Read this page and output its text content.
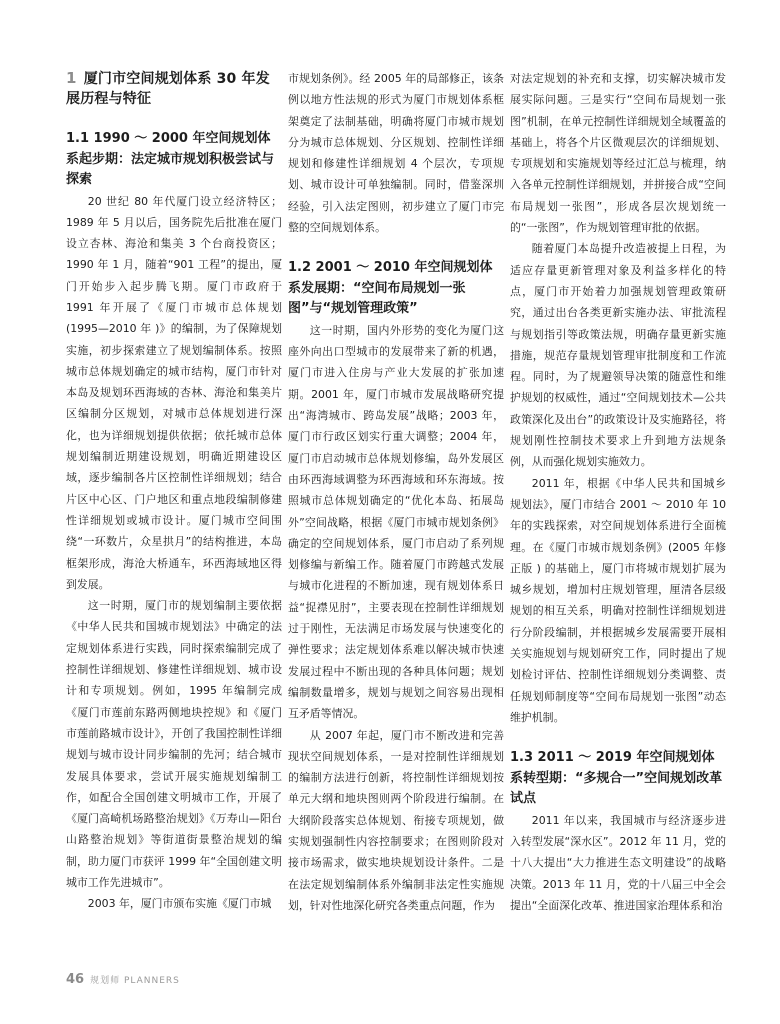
1 厦门市空间规划体系 30 年发展历程与特征
1.1 1990 ～ 2000 年空间规划体系起步期：法定城市规划积极尝试与探索

20 世纪 80 年代厦门设立经济特区；1989 年 5 月以后，国务院先后批准在厦门设立杏林、海沧和集美 3 个台商投资区；1990 年 1 月，随着“901 工程”的提出，厦门开始步入起步腾飞期。厦门市政府于 1991 年开展了《厦门市城市总体规划 (1995—2010 年 )》的编制，为了保障规划实施，初步探索建立了规划编制体系。按照城市总体规划确定的城市结构，厦门市针对本岛及规划环西海域的杏林、海沧和集美片区编制分区规划，对城市总体规划进行深化，也为详细规划提供依据；依托城市总体规划编制近期建设规划，明确近期建设区域，逐步编制各片区控制性详细规划；结合片区中心区、门户地区和重点地段编制修建性详细规划或城市设计。厦门城市空间围绕“一环数片，众星拱月”的结构推进，本岛框架形成，海沧大桥通车，环西海域地区得到发展。

这一时期，厦门市的规划编制主要依据《中华人民共和国城市规划法》中确定的法定规划体系进行实践，同时探索编制完成了控制性详细规划、修建性详细规划、城市设计和专项规划。例如，1995 年编制完成《厦门市莲前东路两侧地块控规》和《厦门市莲前路城市设计》，开创了我国控制性详细规划与城市设计同步编制的先河；结合城市发展具体要求，尝试开展实施规划编制工作，如配合全国创建文明城市工作，开展了《厦门高崎机场路整治规划》《万寿山—阳台山路整治规划》等街道街景整治规划的编制，助力厦门市获评 1999 年“全国创建文明城市工作先进城市”。

2003 年，厦门市颁布实施《厦门市城

市规划条例》。经 2005 年的局部修正，该条例以地方性法规的形式为厦门市规划体系框架奠定了法制基础，明确将厦门市城市规划分为城市总体规划、分区规划、控制性详细规划和修建性详细规划 4 个层次，专项规划、城市设计可单独编制。同时，借鉴深圳经验，引入法定图则，初步建立了厦门市完整的空间规划体系。

1.2 2001 ～ 2010 年空间规划体系发展期：“空间布局规划一张图”与“规划管理政策”

这一时期，国内外形势的变化为厦门这座外向出口型城市的发展带来了新的机遇，厦门市进入住房与产业大发展的扩张加速期。2001 年，厦门市城市发展战略研究提出“海湾城市、跨岛发展”战略；2003 年，厦门市行政区划实行重大调整；2004 年，厦门市启动城市总体规划修编，岛外发展区由环西海域调整为环西海域和环东海域。按照城市总体规划确定的“优化本岛、拓展岛外”空间战略，根据《厦门市城市规划条例》确定的空间规划体系，厦门市启动了系列规划修编与新编工作。随着厦门市跨越式发展与城市化进程的不断加速，现有规划体系日益“捉襟见肘”，主要表现在控制性详细规划过于刚性，无法满足市场发展与快速变化的弹性要求；法定规划体系难以解决城市快速发展过程中不断出现的各种具体问题；规划编制数量增多，规划与规划之间容易出现相互矛盾等情况。

从 2007 年起，厦门市不断改进和完善现状空间规划体系，一是对控制性详细规划的编制方法进行创新，将控制性详细规划按单元大纲和地块图则两个阶段进行编制。在大纲阶段落实总体规划、衔接专项规划，做实规划强制性内容控制要求；在图则阶段对接市场需求，做实地块规划设计条件。二是在法定规划编制体系外编制非法定性实施规划，针对性地深化研究各类重点问题，作为

对法定规划的补充和支撑，切实解决城市发展实际问题。三是实行“空间布局规划一张图”机制，在单元控制性详细规划全域覆盖的基础上，将各个片区微观层次的详细规划、专项规划和实施规划等经过汇总与梳理，纳入各单元控制性详细规划，并拼接合成“空间布局规划一张图”，形成各层次规划统一的“一张图”，作为规划管理审批的依据。

随着厦门本岛提升改造被提上日程，为适应存量更新管理对象及利益多样化的特点，厦门市开始着力加强规划管理政策研究，通过出台各类更新实施办法、审批流程与规划指引等政策法规，明确存量更新实施措施，规范存量规划管理审批制度和工作流程。同时，为了规避领导决策的随意性和维护规划的权威性，通过“空间规划技术—公共政策深化及出台”的政策设计及实施路径，将规划刚性控制技术要求上升到地方法规条例，从而强化规划实施效力。

2011 年，根据《中华人民共和国城乡规划法》，厦门市结合 2001 ～ 2010 年 10 年的实践探索，对空间规划体系进行全面梳理。在《厦门市城市规划条例》(2005 年修正版 ) 的基础上，厦门市将城市规划扩展为城乡规划，增加村庄规划管理，厘清各层级规划的相互关系，明确对控制性详细规划进行分阶段编制，并根据城乡发展需要开展相关实施规划与规划研究工作，同时提出了规划检讨评估、控制性详细规划分类调整、责任规划师制度等“空间布局规划一张图”动态维护机制。

1.3 2011 ～ 2019 年空间规划体系转型期：“多规合一”空间规划改革试点

2011 年以来，我国城市与经济逐步进入转型发展“深水区”。2012 年 11 月，党的十八大提出“大力推进生态文明建设”的战略决策。2013 年 11 月，党的十八届三中全会提出“全面深化改革、推进国家治理体系和治

46 规划师 PLANNERS
